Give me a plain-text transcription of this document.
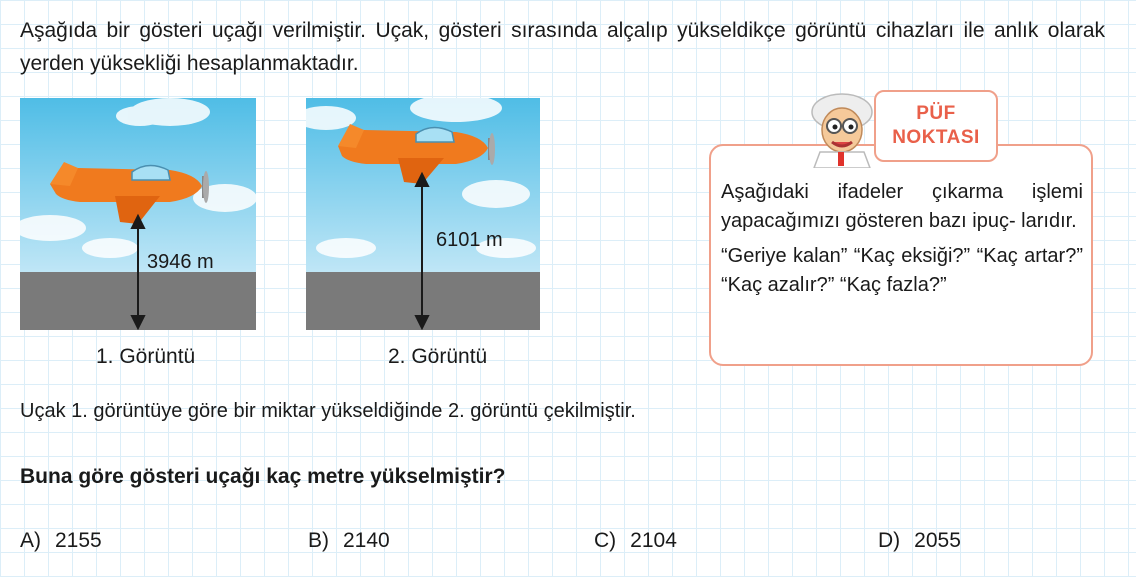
Aşağıda bir gösteri uçağı verilmiştir. Uçak, gösteri sırasında alçalıp yükseldikçe görüntü cihazları ile anlık olarak yerden yüksekliği hesaplanmaktadır.
3946 m
1. Görüntü
6101 m
2. Görüntü
PÜF
NOKTASI

Aşağıdaki ifadeler çıkarma işlemi yapacağımızı gösteren bazı ipuç- larıdır.

“Geriye kalan” “Kaç eksiği?” “Kaç artar?” “Kaç azalır?” “Kaç fazla?”

Uçak 1. görüntüye göre bir miktar yükseldiğinde 2. görüntü çekilmiştir.
Buna göre gösteri uçağı kaç metre yükselmiştir?
A) 2155	B) 2140	C) 2104	D) 2055
